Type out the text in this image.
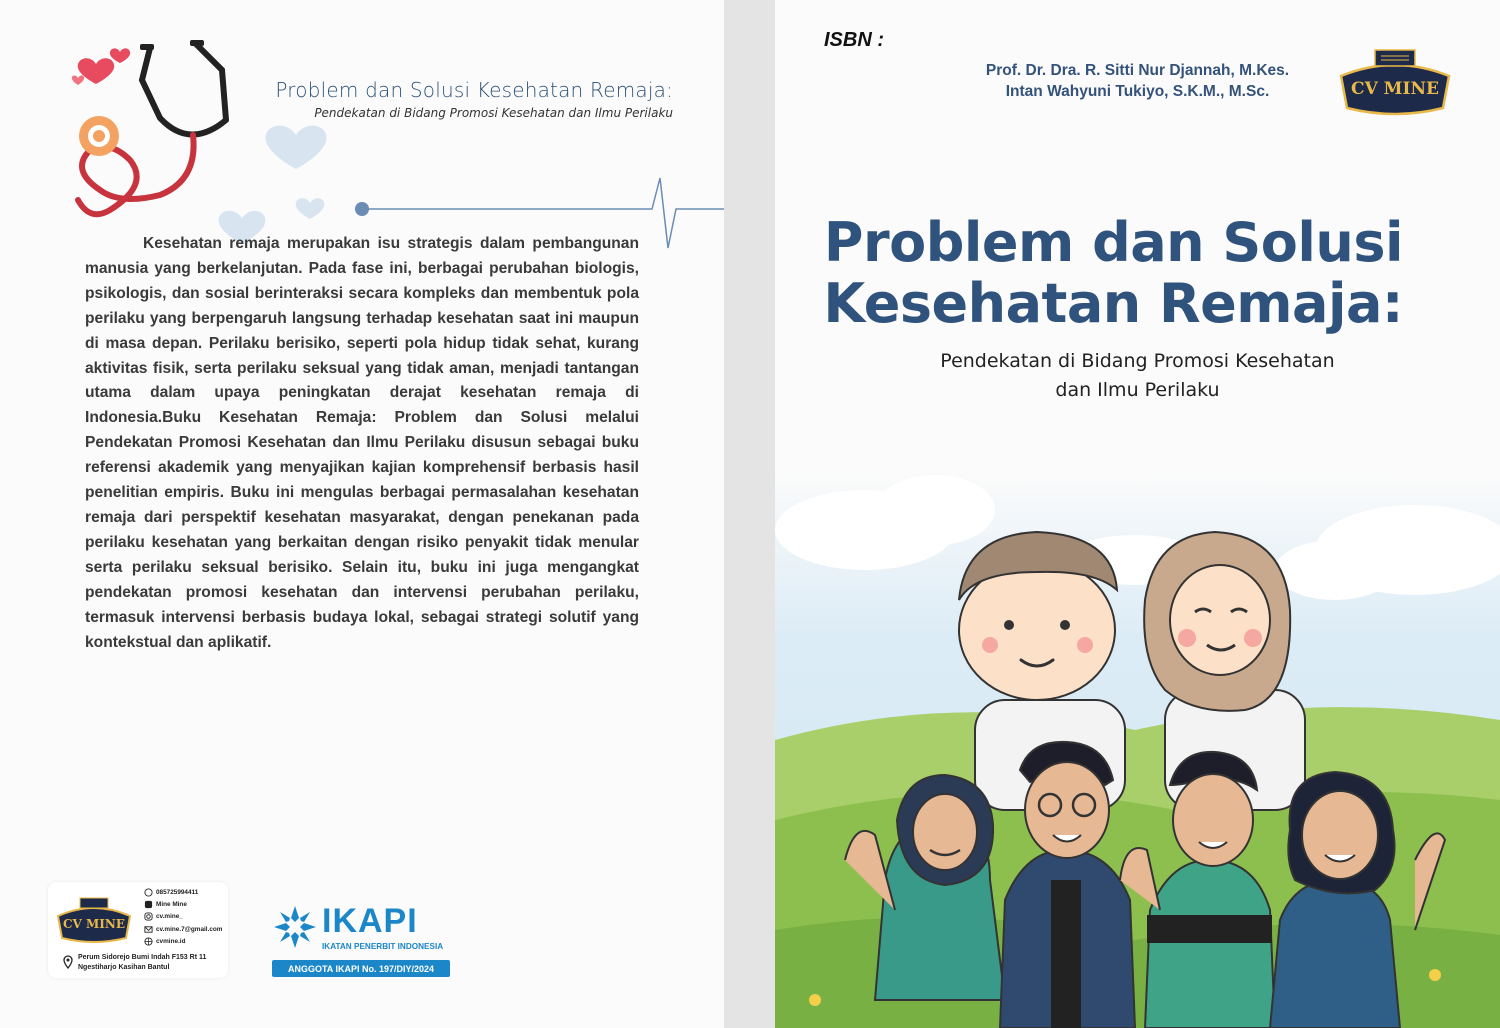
Problem dan Solusi Kesehatan Remaja:
Pendekatan di Bidang Promosi Kesehatan dan Ilmu Perilaku

Kesehatan remaja merupakan isu strategis dalam pembangunan manusia yang berkelanjutan. Pada fase ini, berbagai perubahan biologis, psikologis, dan sosial berinteraksi secara kompleks dan membentuk pola perilaku yang berpengaruh langsung terhadap kesehatan saat ini maupun di masa depan. Perilaku berisiko, seperti pola hidup tidak sehat, kurang aktivitas fisik, serta perilaku seksual yang tidak aman, menjadi tantangan utama dalam upaya peningkatan derajat kesehatan remaja di Indonesia.Buku Kesehatan Remaja: Problem dan Solusi melalui Pendekatan Promosi Kesehatan dan Ilmu Perilaku disusun sebagai buku referensi akademik yang menyajikan kajian komprehensif berbasis hasil penelitian empiris. Buku ini mengulas berbagai permasalahan kesehatan remaja dari perspektif kesehatan masyarakat, dengan penekanan pada perilaku kesehatan yang berkaitan dengan risiko penyakit tidak menular serta perilaku seksual berisiko. Selain itu, buku ini juga mengangkat pendekatan promosi kesehatan dan intervensi perubahan perilaku, termasuk intervensi berbasis budaya lokal, sebagai strategi solutif yang kontekstual dan aplikatif.

CV MINE
085725994411
Mine Mine
cv.mine_
cv.mine.7@gmail.com
cvmine.id
Perum Sidorejo Bumi Indah F153 Rt 11
Ngestiharjo Kasihan Bantul
IKAPI
IKATAN PENERBIT INDONESIA
ANGGOTA IKAPI No. 197/DIY/2024
ISBN :
Prof. Dr. Dra. R. Sitti Nur Djannah, M.Kes.
Intan Wahyuni Tukiyo, S.K.M., M.Sc.	CV MINE
Problem dan Solusi
Kesehatan Remaja:
Pendekatan di Bidang Promosi Kesehatan
dan Ilmu Perilaku
